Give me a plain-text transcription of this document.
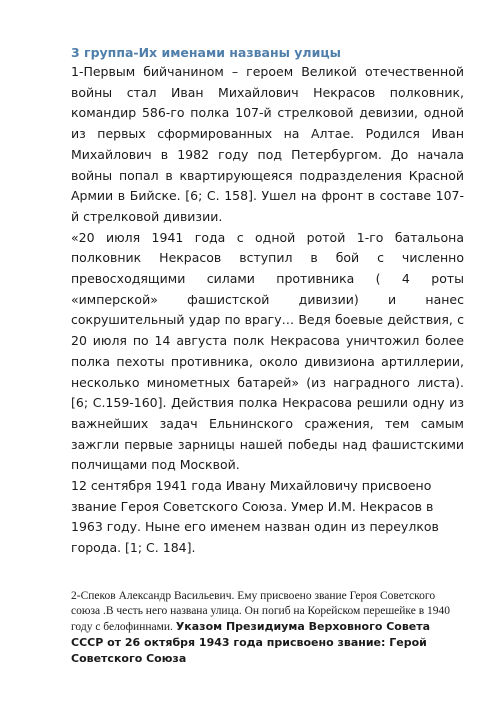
3 группа-Их именами названы улицы

1-Первым бийчанином – героем Великой отечественной войны стал Иван Михайлович Некрасов полковник, командир 586-го полка 107-й стрелковой девизии, одной из первых сформированных на Алтае. Родился Иван Михайлович в 1982 году под Петербургом. До начала войны попал в квартирующеяся подразделения Красной Армии в Бийске. [6; С. 158]. Ушел на фронт в составе 107-й стрелковой дивизии.

«20 июля 1941 года с одной ротой 1-го батальона полковник Некрасов вступил в бой с численно превосходящими силами противника ( 4 роты «имперской» фашистской дивизии) и нанес сокрушительный удар по врагу… Ведя боевые действия, с 20 июля по 14 августа полк Некрасова уничтожил более полка пехоты противника, около дивизиона артиллерии, несколько минометных батарей» (из наградного листа). [6; С.159-160]. Действия полка Некрасова решили одну из важнейших задач Ельнинского сражения, тем самым зажгли первые зарницы нашей победы над фашистскими полчищами под Москвой.

12 сентября 1941 года Ивану Михайловичу присвоено звание Героя Советского Союза. Умер И.М. Некрасов в 1963 году. Ныне его именем назван один из переулков города. [1; С. 184].

2-Спеков Александр Васильевич. Ему присвоено звание Героя Советского союза .В честь него названа улица. Он погиб на Корейском перешейке в 1940 году с белофиннами. Указом Президиума Верховного Совета СССР от 26 октября 1943 года присвоено звание: Герой Советского Союза
